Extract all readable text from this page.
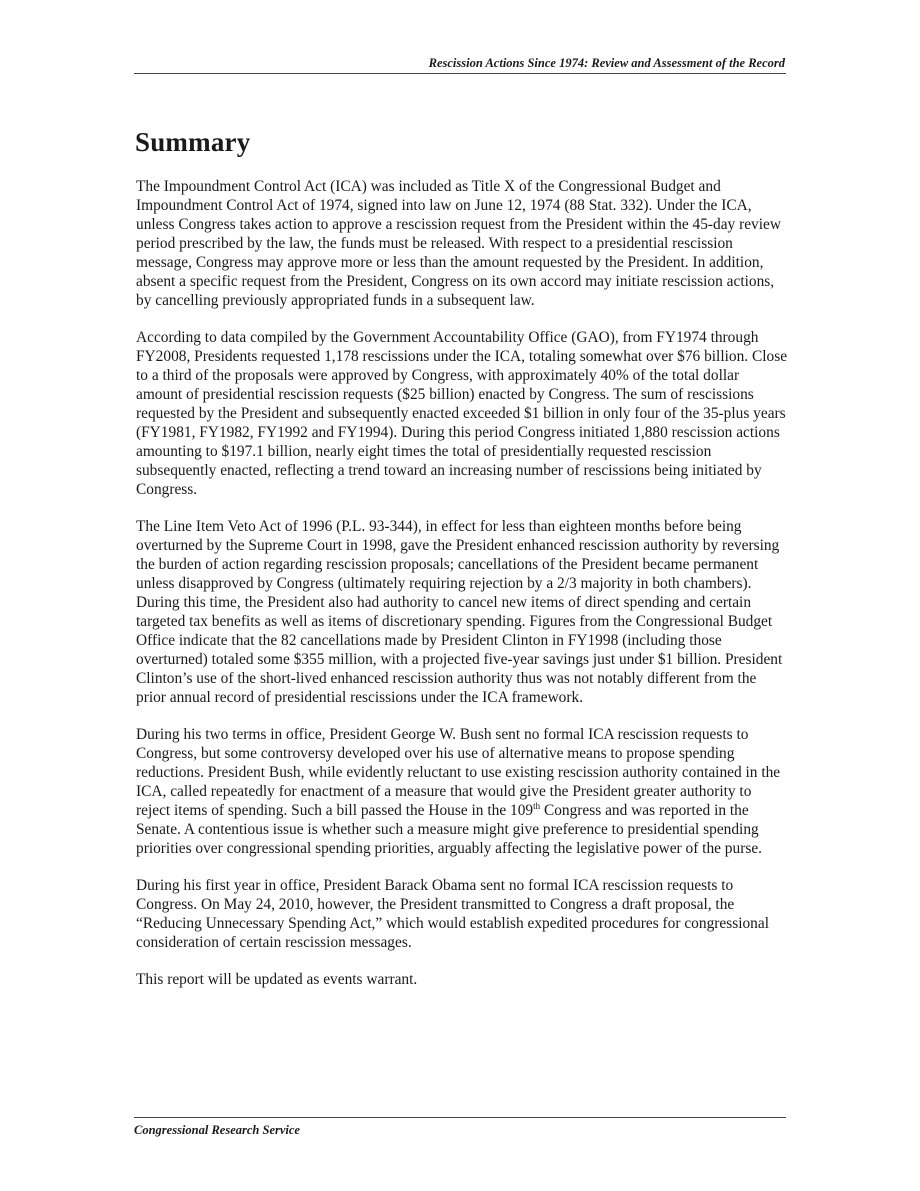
Rescission Actions Since 1974: Review and Assessment of the Record
Summary

The Impoundment Control Act (ICA) was included as Title X of the Congressional Budget and Impoundment Control Act of 1974, signed into law on June 12, 1974 (88 Stat. 332). Under the ICA, unless Congress takes action to approve a rescission request from the President within the 45-day review period prescribed by the law, the funds must be released. With respect to a presidential rescission message, Congress may approve more or less than the amount requested by the President. In addition, absent a specific request from the President, Congress on its own accord may initiate rescission actions, by cancelling previously appropriated funds in a subsequent law.

According to data compiled by the Government Accountability Office (GAO), from FY1974 through FY2008, Presidents requested 1,178 rescissions under the ICA, totaling somewhat over $76 billion. Close to a third of the proposals were approved by Congress, with approximately 40% of the total dollar amount of presidential rescission requests ($25 billion) enacted by Congress. The sum of rescissions requested by the President and subsequently enacted exceeded $1 billion in only four of the 35-plus years (FY1981, FY1982, FY1992 and FY1994). During this period Congress initiated 1,880 rescission actions amounting to $197.1 billion, nearly eight times the total of presidentially requested rescission subsequently enacted, reflecting a trend toward an increasing number of rescissions being initiated by Congress.

The Line Item Veto Act of 1996 (P.L. 93-344), in effect for less than eighteen months before being overturned by the Supreme Court in 1998, gave the President enhanced rescission authority by reversing the burden of action regarding rescission proposals; cancellations of the President became permanent unless disapproved by Congress (ultimately requiring rejection by a 2/3 majority in both chambers). During this time, the President also had authority to cancel new items of direct spending and certain targeted tax benefits as well as items of discretionary spending. Figures from the Congressional Budget Office indicate that the 82 cancellations made by President Clinton in FY1998 (including those overturned) totaled some $355 million, with a projected five-year savings just under $1 billion. President Clinton’s use of the short-lived enhanced rescission authority thus was not notably different from the prior annual record of presidential rescissions under the ICA framework.

During his two terms in office, President George W. Bush sent no formal ICA rescission requests to Congress, but some controversy developed over his use of alternative means to propose spending reductions. President Bush, while evidently reluctant to use existing rescission authority contained in the ICA, called repeatedly for enactment of a measure that would give the President greater authority to reject items of spending. Such a bill passed the House in the 109th Congress and was reported in the Senate. A contentious issue is whether such a measure might give preference to presidential spending priorities over congressional spending priorities, arguably affecting the legislative power of the purse.

During his first year in office, President Barack Obama sent no formal ICA rescission requests to Congress. On May 24, 2010, however, the President transmitted to Congress a draft proposal, the “Reducing Unnecessary Spending Act,” which would establish expedited procedures for congressional consideration of certain rescission messages.

This report will be updated as events warrant.

Congressional Research Service
